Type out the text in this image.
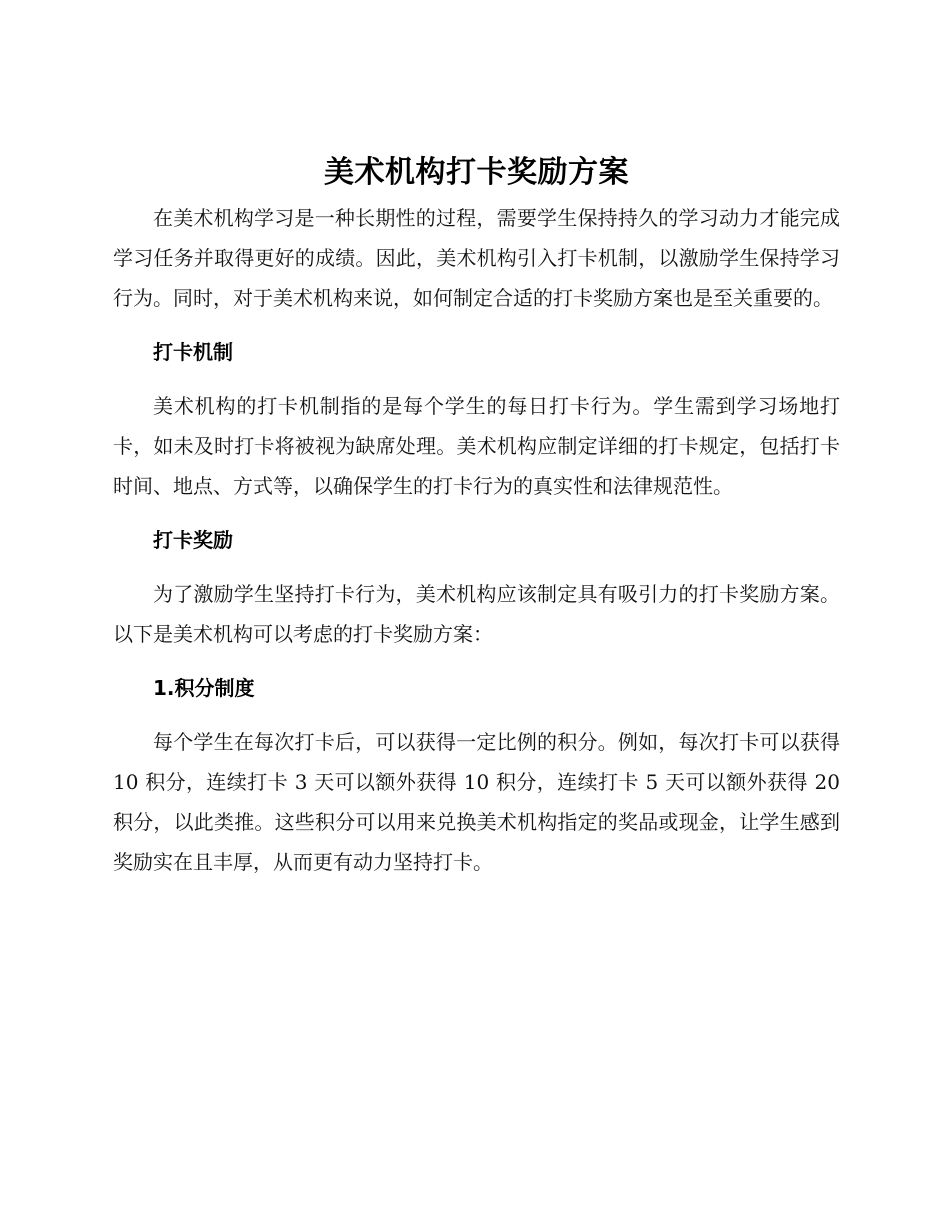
美术机构打卡奖励方案

在美术机构学习是一种长期性的过程，需要学生保持持久的学习动力才能完成学习任务并取得更好的成绩。因此，美术机构引入打卡机制，以激励学生保持学习行为。同时，对于美术机构来说，如何制定合适的打卡奖励方案也是至关重要的。

打卡机制

美术机构的打卡机制指的是每个学生的每日打卡行为。学生需到学习场地打卡，如未及时打卡将被视为缺席处理。美术机构应制定详细的打卡规定，包括打卡时间、地点、方式等，以确保学生的打卡行为的真实性和法律规范性。

打卡奖励

为了激励学生坚持打卡行为，美术机构应该制定具有吸引力的打卡奖励方案。以下是美术机构可以考虑的打卡奖励方案：

1.积分制度

每个学生在每次打卡后，可以获得一定比例的积分。例如，每次打卡可以获得 10 积分，连续打卡 3 天可以额外获得 10 积分，连续打卡 5 天可以额外获得 20 积分，以此类推。这些积分可以用来兑换美术机构指定的奖品或现金，让学生感到奖励实在且丰厚，从而更有动力坚持打卡。
